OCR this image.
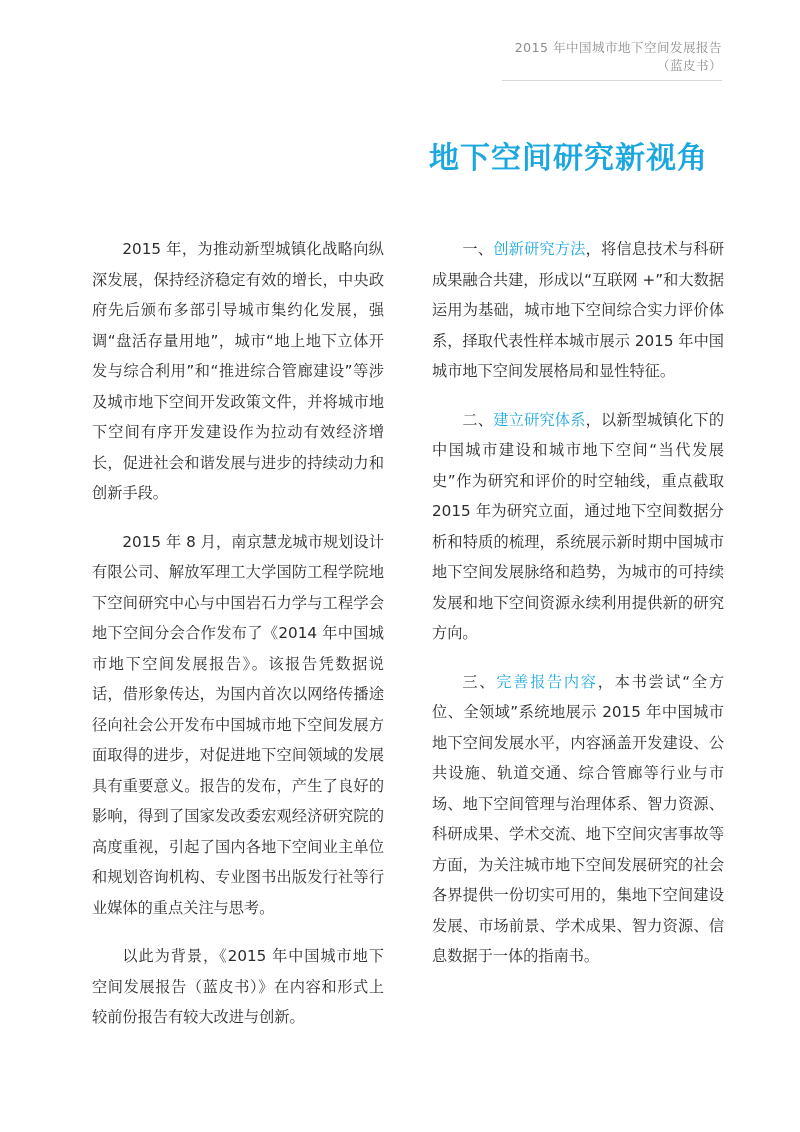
2015 年中国城市地下空间发展报告（蓝皮书）
地下空间研究新视角

2015 年，为推动新型城镇化战略向纵深发展，保持经济稳定有效的增长，中央政府先后颁布多部引导城市集约化发展，强调“盘活存量用地”，城市“地上地下立体开发与综合利用”和“推进综合管廊建设”等涉及城市地下空间开发政策文件，并将城市地下空间有序开发建设作为拉动有效经济增长，促进社会和谐发展与进步的持续动力和创新手段。

2015 年 8 月，南京慧龙城市规划设计有限公司、解放军理工大学国防工程学院地下空间研究中心与中国岩石力学与工程学会地下空间分会合作发布了《2014 年中国城市地下空间发展报告》。该报告凭数据说话，借形象传达，为国内首次以网络传播途径向社会公开发布中国城市地下空间发展方面取得的进步，对促进地下空间领域的发展具有重要意义。报告的发布，产生了良好的影响，得到了国家发改委宏观经济研究院的高度重视，引起了国内各地下空间业主单位和规划咨询机构、专业图书出版发行社等行业媒体的重点关注与思考。

以此为背景，《2015 年中国城市地下空间发展报告（蓝皮书）》在内容和形式上较前份报告有较大改进与创新。

一、创新研究方法，将信息技术与科研成果融合共建，形成以“互联网 +”和大数据运用为基础，城市地下空间综合实力评价体系，择取代表性样本城市展示 2015 年中国城市地下空间发展格局和显性特征。

二、建立研究体系，以新型城镇化下的中国城市建设和城市地下空间“当代发展史”作为研究和评价的时空轴线，重点截取 2015 年为研究立面，通过地下空间数据分析和特质的梳理，系统展示新时期中国城市地下空间发展脉络和趋势，为城市的可持续发展和地下空间资源永续利用提供新的研究方向。

三、完善报告内容，本书尝试“全方位、全领域”系统地展示 2015 年中国城市地下空间发展水平，内容涵盖开发建设、公共设施、轨道交通、综合管廊等行业与市场、地下空间管理与治理体系、智力资源、科研成果、学术交流、地下空间灾害事故等方面，为关注城市地下空间发展研究的社会各界提供一份切实可用的，集地下空间建设发展、市场前景、学术成果、智力资源、信息数据于一体的指南书。
